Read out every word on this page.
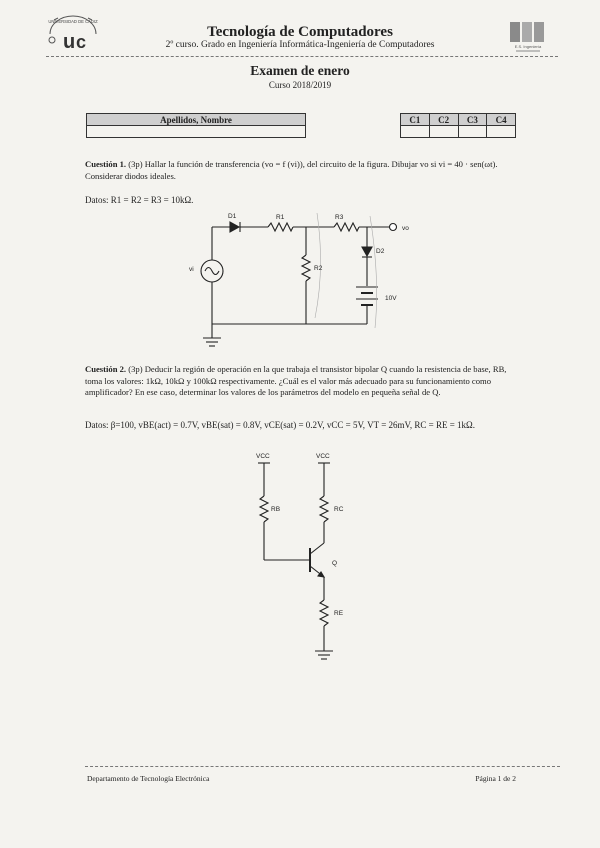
UNIVERSIDAD DE CÁDIZ
u c	Tecnología de Computadores
2º curso. Grado en Ingeniería Informática-Ingeniería de Computadores	E.S. Ingeniería
Examen de enero
Curso 2018/2019
Apellidos, Nombre	C1	C2	C3	C4

Cuestión 1. (3p) Hallar la función de transferencia (vo = f (vi)), del circuito de la figura. Dibujar vo si vi = 40 · sen(ωt). Considerar diodos ideales.
Datos: R1 = R2 = R3 = 10kΩ.
D1	R1	R3
vo
D2
R2
vi
10V
Cuestión 2. (3p) Deducir la región de operación en la que trabaja el transistor bipolar Q cuando la resistencia de base, RB, toma los valores: 1kΩ, 10kΩ y 100kΩ respectivamente. ¿Cuál es el valor más adecuado para su funcionamiento como amplificador? En ese caso, determinar los valores de los parámetros del modelo en pequeña señal de Q.
Datos: β=100, vBE(act) = 0.7V, vBE(sat) = 0.8V, vCE(sat) = 0.2V, vCC = 5V, VT = 26mV, RC = RE = 1kΩ.
VCC	VCC
RB	RC
Q
RE
Departamento de Tecnología Electrónica	Página 1 de 2
